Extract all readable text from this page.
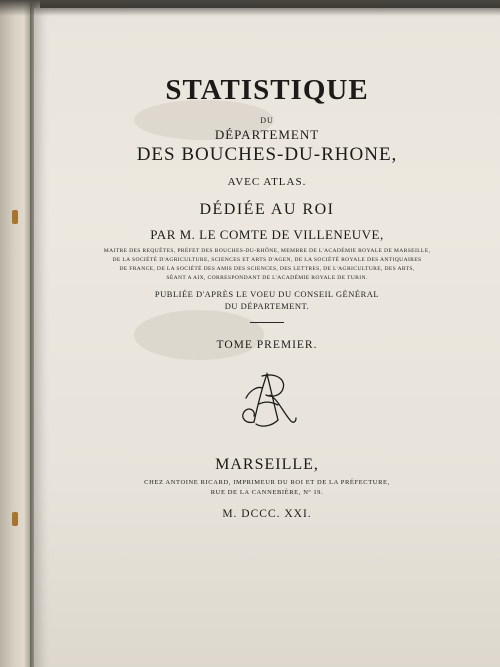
STATISTIQUE
DU
DÉPARTEMENT
DES BOUCHES-DU-RHONE,
AVEC ATLAS.
DÉDIÉE AU ROI
PAR M. LE COMTE DE VILLENEUVE,
MAITRE DES REQUÊTES, PRÉFET DES BOUCHES-DU-RHÔNE, MEMBRE DE L'ACADÉMIE ROYALE DE MARSEILLE,
DE LA SOCIÉTÉ D'AGRICULTURE, SCIENCES ET ARTS D'AGEN, DE LA SOCIÉTÉ ROYALE DES ANTIQUAIRES
DE FRANCE, DE LA SOCIÉTÉ DES AMIS DES SCIENCES, DES LETTRES, DE L'AGRICULTURE, DES ARTS,
SÉANT A AIX, CORRESPONDANT DE L'ACADÉMIE ROYALE DE TURIN.
PUBLIÉE D'APRÈS LE VOEU DU CONSEIL GÉNÉRAL
DU DÉPARTEMENT.
TOME PREMIER.
MARSEILLE,
CHEZ ANTOINE RICARD, IMPRIMEUR DU ROI ET DE LA PRÉFECTURE,
RUE DE LA CANNEBIÈRE, Nº 19.
M. DCCC. XXI.
